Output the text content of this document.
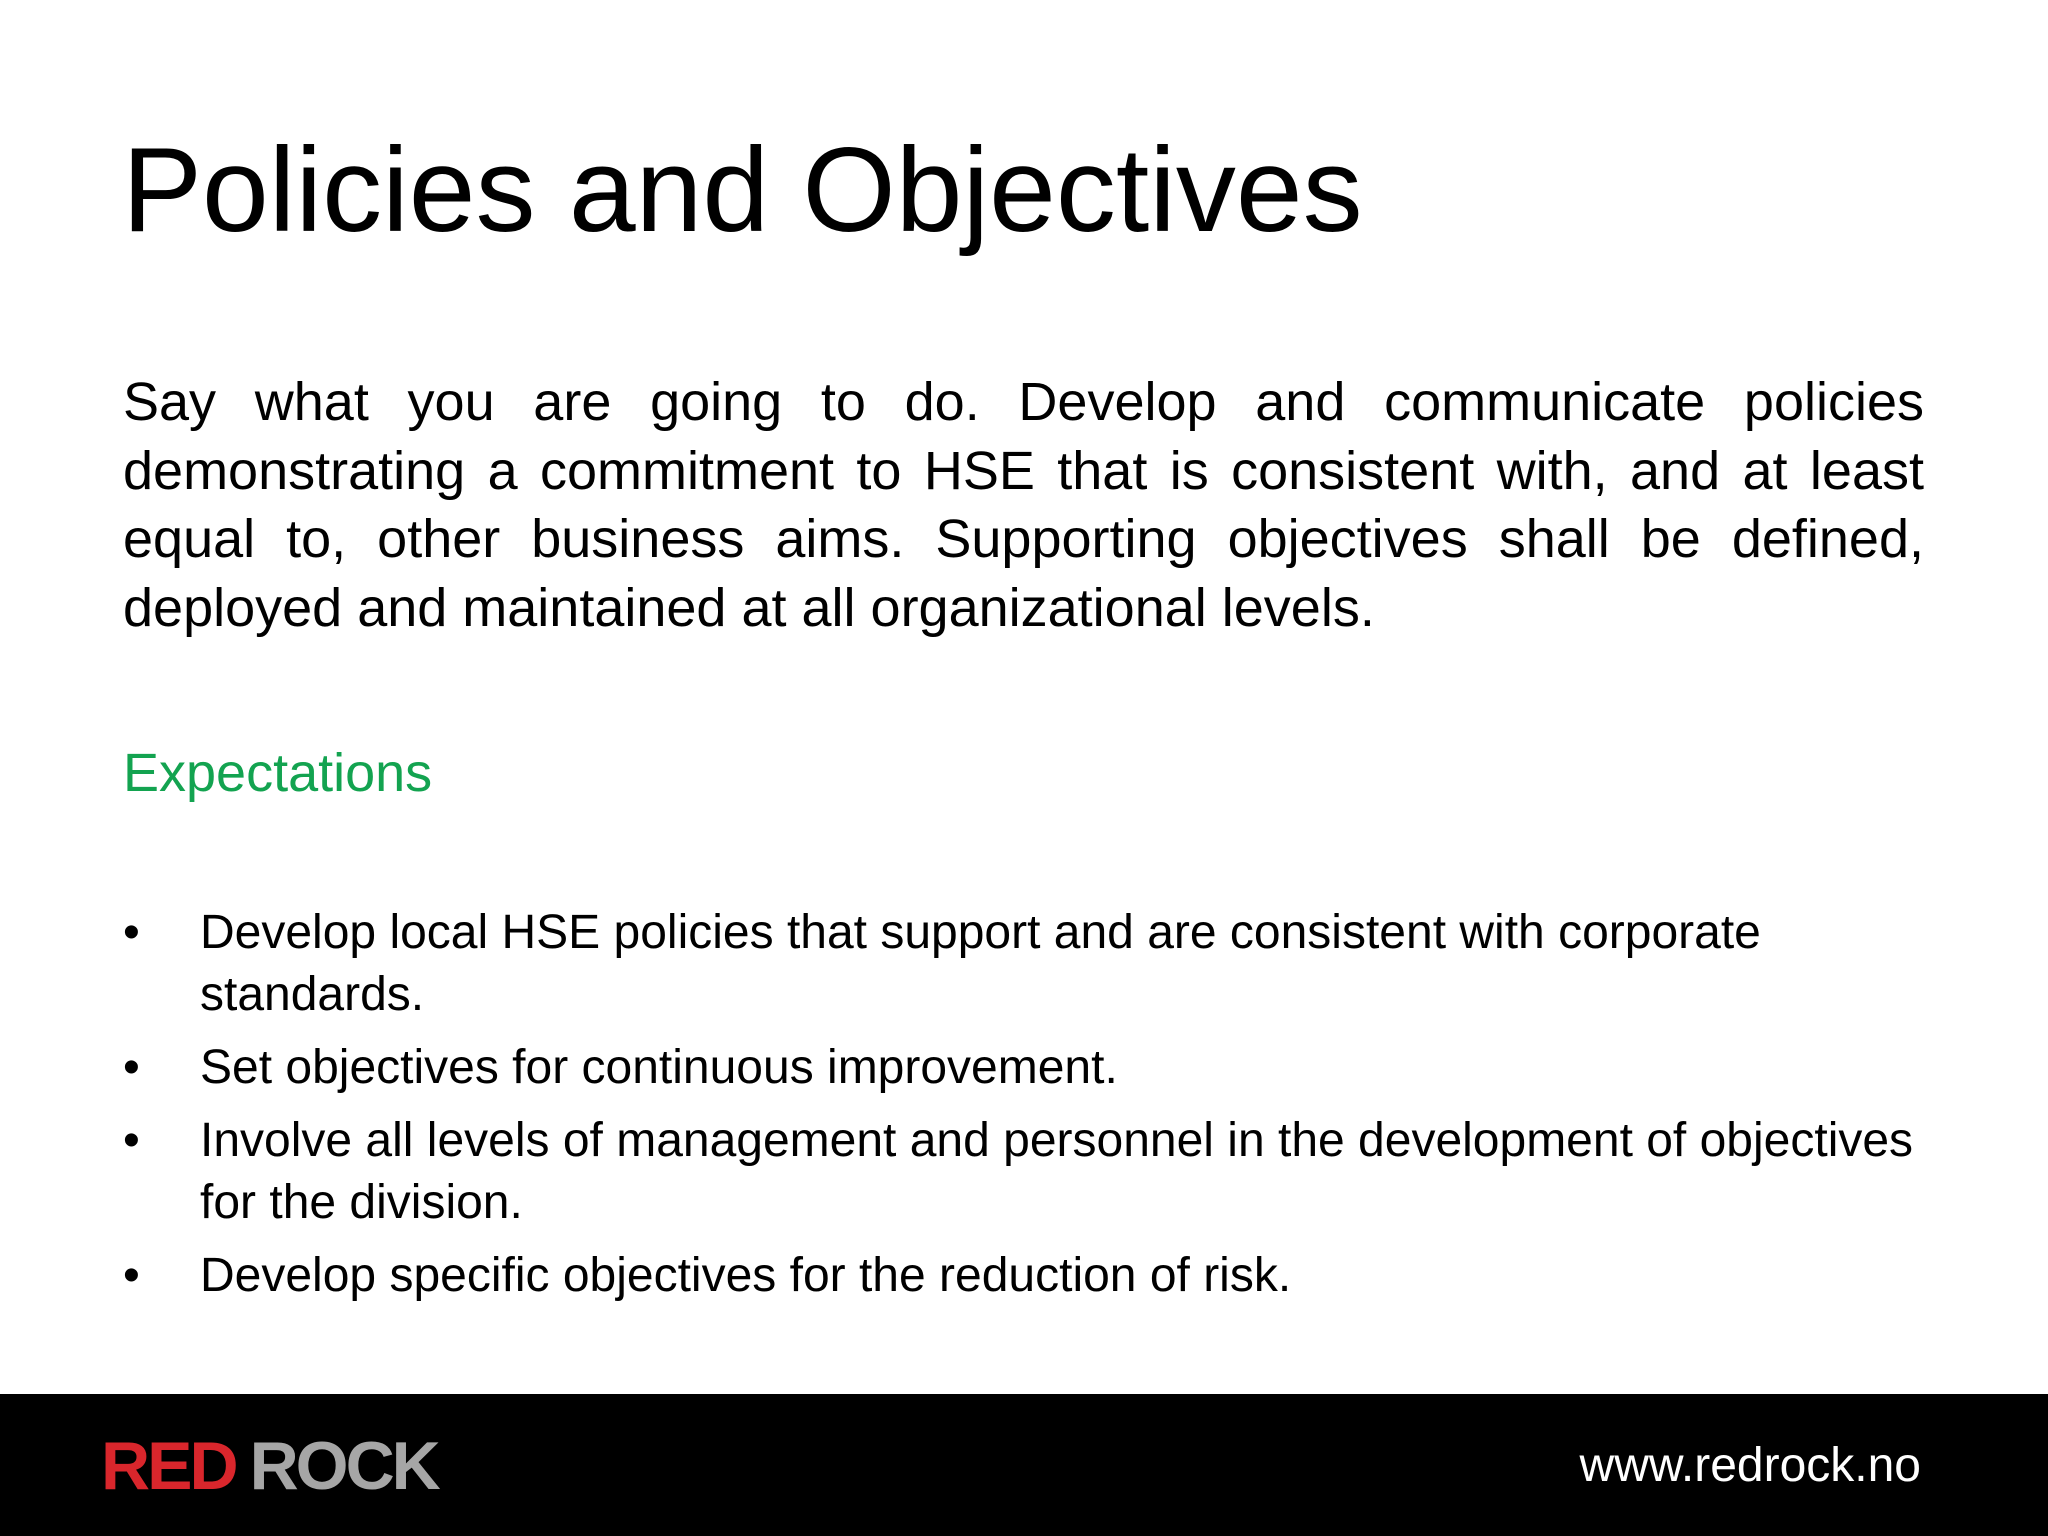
Policies and Objectives

Say what you are going to do. Develop and communicate policies demonstrating a commitment to HSE that is consistent with, and at least equal to, other business aims. Supporting objectives shall be defined, deployed and maintained at all organizational levels.

Expectations
• Develop local HSE policies that support and are consistent with corporate standards.
• Set objectives for continuous improvement.
• Involve all levels of management and personnel in the development of objectives for the division.
• Develop specific objectives for the reduction of risk.
RED ROCK	www.redrock.no
